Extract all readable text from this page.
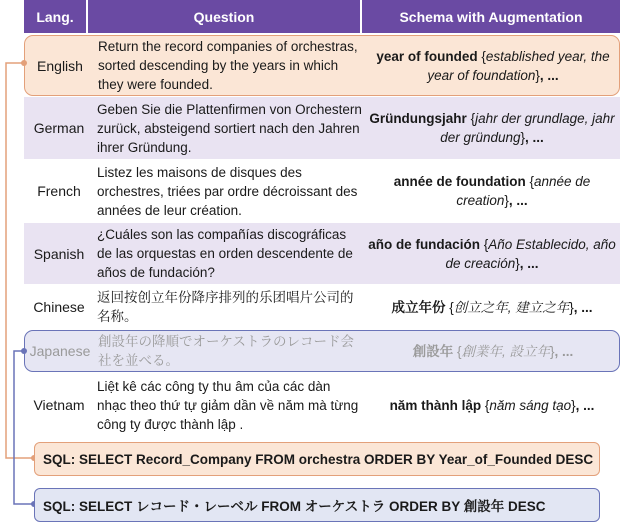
Lang.	Question	Schema with Augmentation
English
Return the record companies of orchestras, sorted descending by the years in which they were founded.
year of founded {established year, the year of foundation}, ...
German
Geben Sie die Plattenfirmen von Orchestern zurück, absteigend sortiert nach den Jahren ihrer Gründung.
Gründungsjahr {jahr der grundlage, jahr der gründung}, ...
French
Listez les maisons de disques des orchestres, triées par ordre décroissant des années de leur création.
année de foundation {année de creation}, ...
Spanish
¿Cuáles son las compañías discográficas de las orquestas en orden descendente de años de fundación?
año de fundación {Año Establecido, año de creación}, ...
Chinese
返回按创立年份降序排列的乐团唱片公司的名称。
成立年份 {创立之年, 建立之年}, ...
Japanese
創設年の降順でオーケストラのレコード会社を並べる。
創設年 {創業年, 設立年}, ...
Vietnam
Liệt kê các công ty thu âm của các dàn nhạc theo thứ tự giảm dần về năm mà từng công ty được thành lập .
năm thành lập {năm sáng tạo}, ...
SQL: SELECT Record_Company FROM orchestra ORDER BY Year_of_Founded DESC
SQL: SELECT レコード・レーベル FROM オーケストラ ORDER BY 創設年 DESC
